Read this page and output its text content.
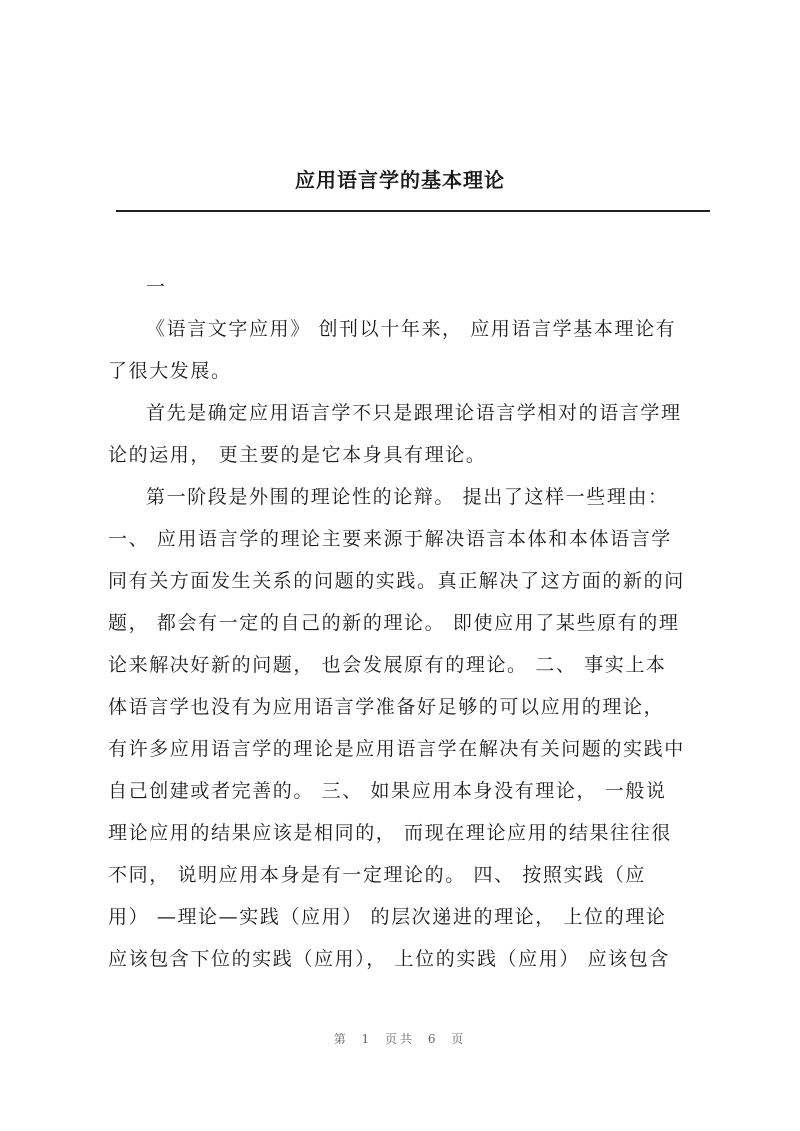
应用语言学的基本理论
一
《语言文字应用》 创刊以十年来， 应用语言学基本理论有
了很大发展。
首先是确定应用语言学不只是跟理论语言学相对的语言学理
论的运用， 更主要的是它本身具有理论。
第一阶段是外围的理论性的论辩。 提出了这样一些理由：
一、 应用语言学的理论主要来源于解决语言本体和本体语言学
同有关方面发生关系的问题的实践。真正解决了这方面的新的问
题， 都会有一定的自己的新的理论。 即使应用了某些原有的理
论来解决好新的问题， 也会发展原有的理论。 二、 事实上本
体语言学也没有为应用语言学准备好足够的可以应用的理论，
有许多应用语言学的理论是应用语言学在解决有关问题的实践中
自己创建或者完善的。 三、 如果应用本身没有理论， 一般说
理论应用的结果应该是相同的， 而现在理论应用的结果往往很
不同， 说明应用本身是有一定理论的。 四、 按照实践（应
用） —理论—实践（应用） 的层次递进的理论， 上位的理论
应该包含下位的实践（应用）， 上位的实践（应用） 应该包含
第 1 页共 6 页
